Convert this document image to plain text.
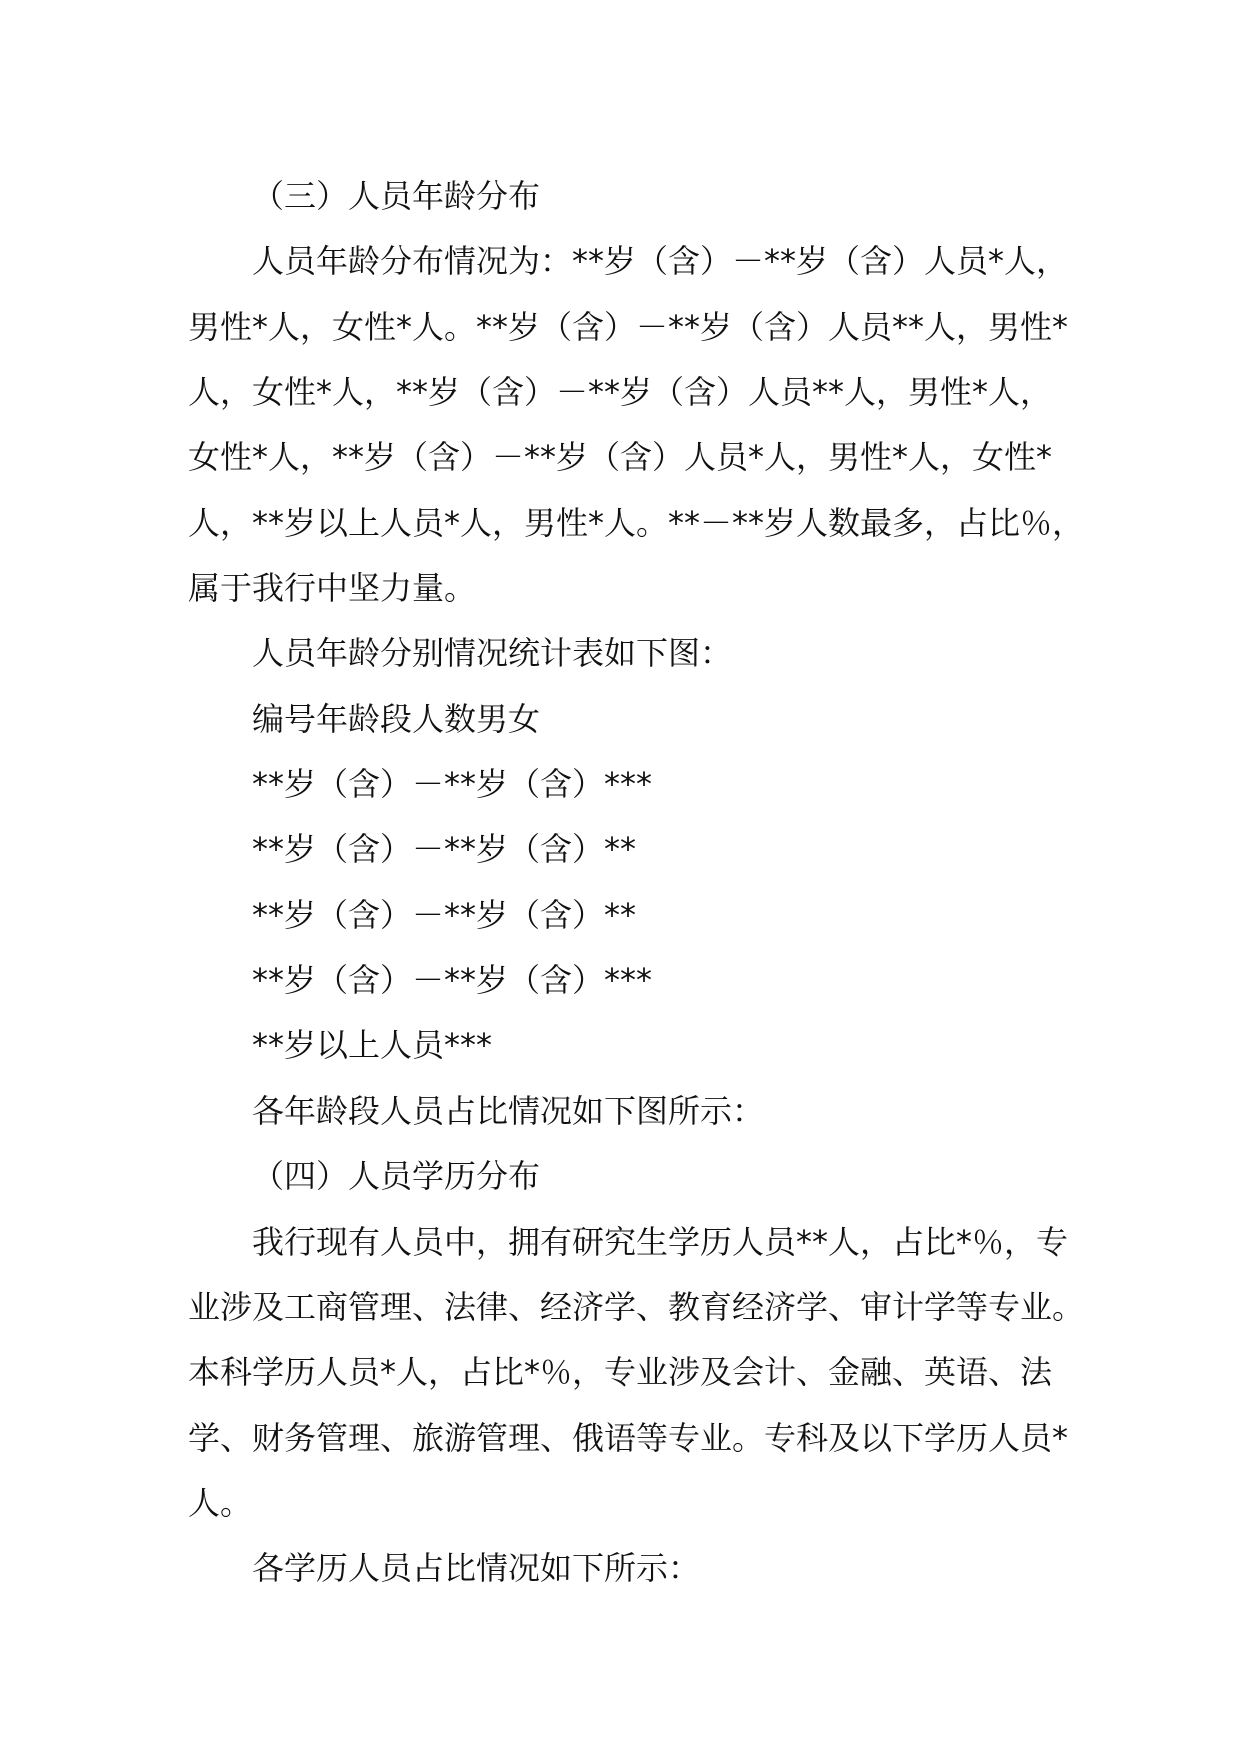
（三）人员年龄分布
人员年龄分布情况为：**岁（含）－**岁（含）人员*人，
男性*人，女性*人。**岁（含）－**岁（含）人员**人，男性*
人，女性*人，**岁（含）－**岁（含）人员**人，男性*人，
女性*人，**岁（含）－**岁（含）人员*人，男性*人，女性*
人，**岁以上人员*人，男性*人。**－**岁人数最多，占比％，
属于我行中坚力量。
人员年龄分别情况统计表如下图：
编号年龄段人数男女
**岁（含）－**岁（含）***
**岁（含）－**岁（含）**
**岁（含）－**岁（含）**
**岁（含）－**岁（含）***
**岁以上人员***
各年龄段人员占比情况如下图所示：
（四）人员学历分布
我行现有人员中，拥有研究生学历人员**人，占比*％，专
业涉及工商管理、法律、经济学、教育经济学、审计学等专业。
本科学历人员*人，占比*％，专业涉及会计、金融、英语、法
学、财务管理、旅游管理、俄语等专业。专科及以下学历人员*
人。
各学历人员占比情况如下所示：
